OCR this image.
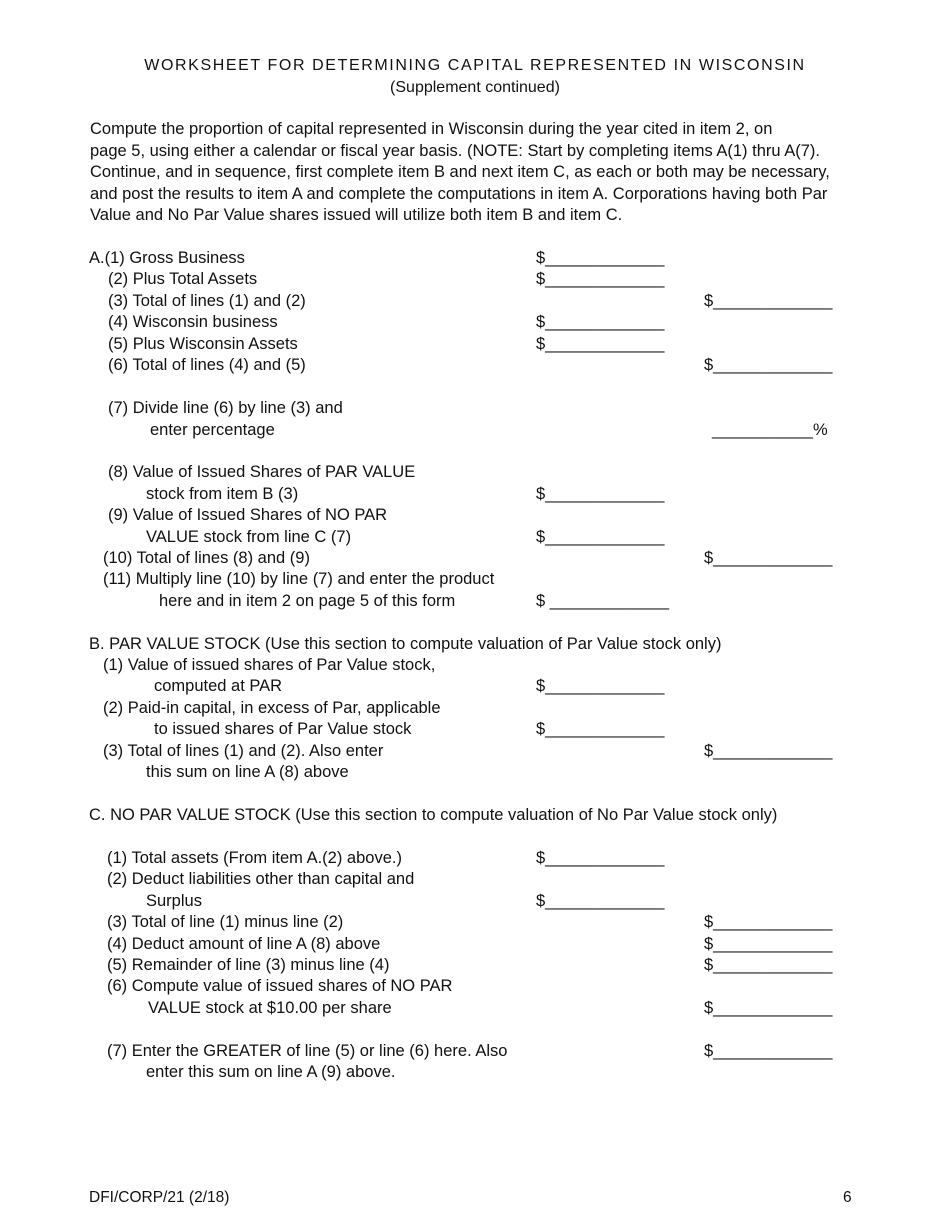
WORKSHEET FOR DETERMINING CAPITAL REPRESENTED IN WISCONSIN
(Supplement continued)
Compute the proportion of capital represented in Wisconsin during the year cited in item 2, on
page 5, using either a calendar or fiscal year basis. (NOTE: Start by completing items A(1) thru A(7).
Continue, and in sequence, first complete item B and next item C, as each or both may be necessary,
and post the results to item A and complete the computations in item A. Corporations having both Par
Value and No Par Value shares issued will utilize both item B and item C.
A.(1) Gross Business	$_____________
(2) Plus Total Assets	$_____________
(3) Total of lines (1) and (2)	$_____________
(4) Wisconsin business	$_____________
(5) Plus Wisconsin Assets	$_____________
(6) Total of lines (4) and (5)	$_____________
(7) Divide line (6) by line (3) and
enter percentage	___________%
(8) Value of Issued Shares of PAR VALUE
stock from item B (3)	$_____________
(9) Value of Issued Shares of NO PAR
VALUE stock from line C (7)	$_____________
(10) Total of lines (8) and (9)	$_____________
(11) Multiply line (10) by line (7) and enter the product
here and in item 2 on page 5 of this form	$ _____________
B. PAR VALUE STOCK (Use this section to compute valuation of Par Value stock only)
(1) Value of issued shares of Par Value stock,
computed at PAR	$_____________
(2) Paid-in capital, in excess of Par, applicable
to issued shares of Par Value stock	$_____________
(3) Total of lines (1) and (2). Also enter	$_____________
this sum on line A (8) above
C. NO PAR VALUE STOCK (Use this section to compute valuation of No Par Value stock only)
(1) Total assets (From item A.(2) above.)	$_____________
(2) Deduct liabilities other than capital and
Surplus	$_____________
(3) Total of line (1) minus line (2)	$_____________
(4) Deduct amount of line A (8) above	$_____________
(5) Remainder of line (3) minus line (4)	$_____________
(6) Compute value of issued shares of NO PAR
VALUE stock at $10.00 per share	$_____________
(7) Enter the GREATER of line (5) or line (6) here. Also	$_____________
enter this sum on line A (9) above.
DFI/CORP/21 (2/18)	6
